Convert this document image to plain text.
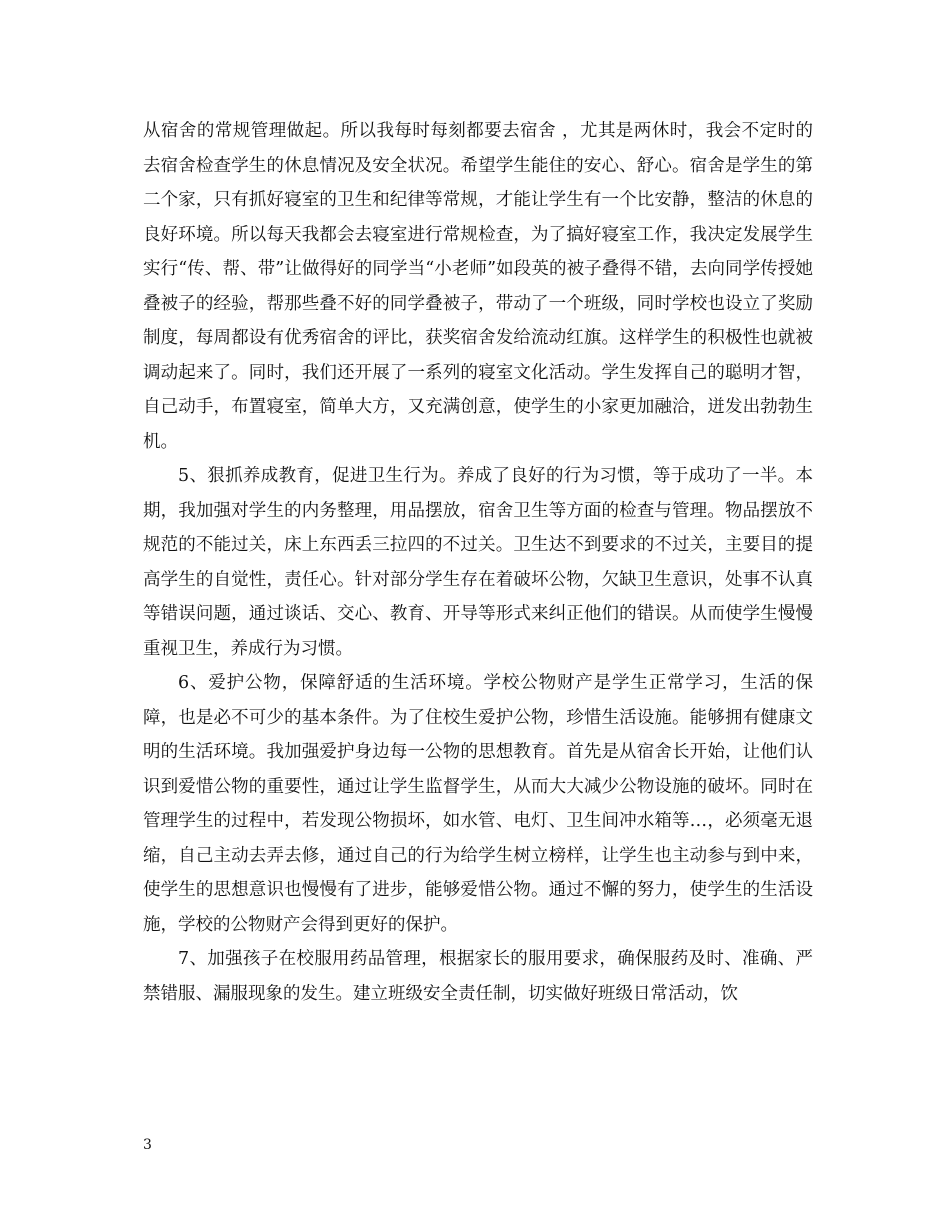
从宿舍的常规管理做起。所以我每时每刻都要去宿舍 ，尤其是两休时，我会不定时的去宿舍检查学生的休息情况及安全状况。希望学生能住的安心、舒心。宿舍是学生的第二个家，只有抓好寝室的卫生和纪律等常规，才能让学生有一个比安静，整洁的休息的良好环境。所以每天我都会去寝室进行常规检查，为了搞好寝室工作，我决定发展学生实行“传、帮、带”让做得好的同学当“小老师”如段英的被子叠得不错，去向同学传授她叠被子的经验，帮那些叠不好的同学叠被子，带动了一个班级，同时学校也设立了奖励制度，每周都设有优秀宿舍的评比，获奖宿舍发给流动红旗。这样学生的积极性也就被调动起来了。同时，我们还开展了一系列的寝室文化活动。学生发挥自己的聪明才智，自己动手，布置寝室，简单大方，又充满创意，使学生的小家更加融洽，迸发出勃勃生机。

5、狠抓养成教育，促进卫生行为。养成了良好的行为习惯，等于成功了一半。本期，我加强对学生的内务整理，用品摆放，宿舍卫生等方面的检查与管理。物品摆放不规范的不能过关，床上东西丢三拉四的不过关。卫生达不到要求的不过关，主要目的提高学生的自觉性，责任心。针对部分学生存在着破坏公物，欠缺卫生意识，处事不认真等错误问题，通过谈话、交心、教育、开导等形式来纠正他们的错误。从而使学生慢慢重视卫生，养成行为习惯。

6、爱护公物，保障舒适的生活环境。学校公物财产是学生正常学习，生活的保障，也是必不可少的基本条件。为了住校生爱护公物，珍惜生活设施。能够拥有健康文明的生活环境。我加强爱护身边每一公物的思想教育。首先是从宿舍长开始，让他们认识到爱惜公物的重要性，通过让学生监督学生，从而大大减少公物设施的破坏。同时在管理学生的过程中，若发现公物损坏，如水管、电灯、卫生间冲水箱等…，必须毫无退缩，自己主动去弄去修，通过自己的行为给学生树立榜样，让学生也主动参与到中来，使学生的思想意识也慢慢有了进步，能够爱惜公物。通过不懈的努力，使学生的生活设施，学校的公物财产会得到更好的保护。

7、加强孩子在校服用药品管理，根据家长的服用要求，确保服药及时、准确、严禁错服、漏服现象的发生。建立班级安全责任制，切实做好班级日常活动，饮

3
